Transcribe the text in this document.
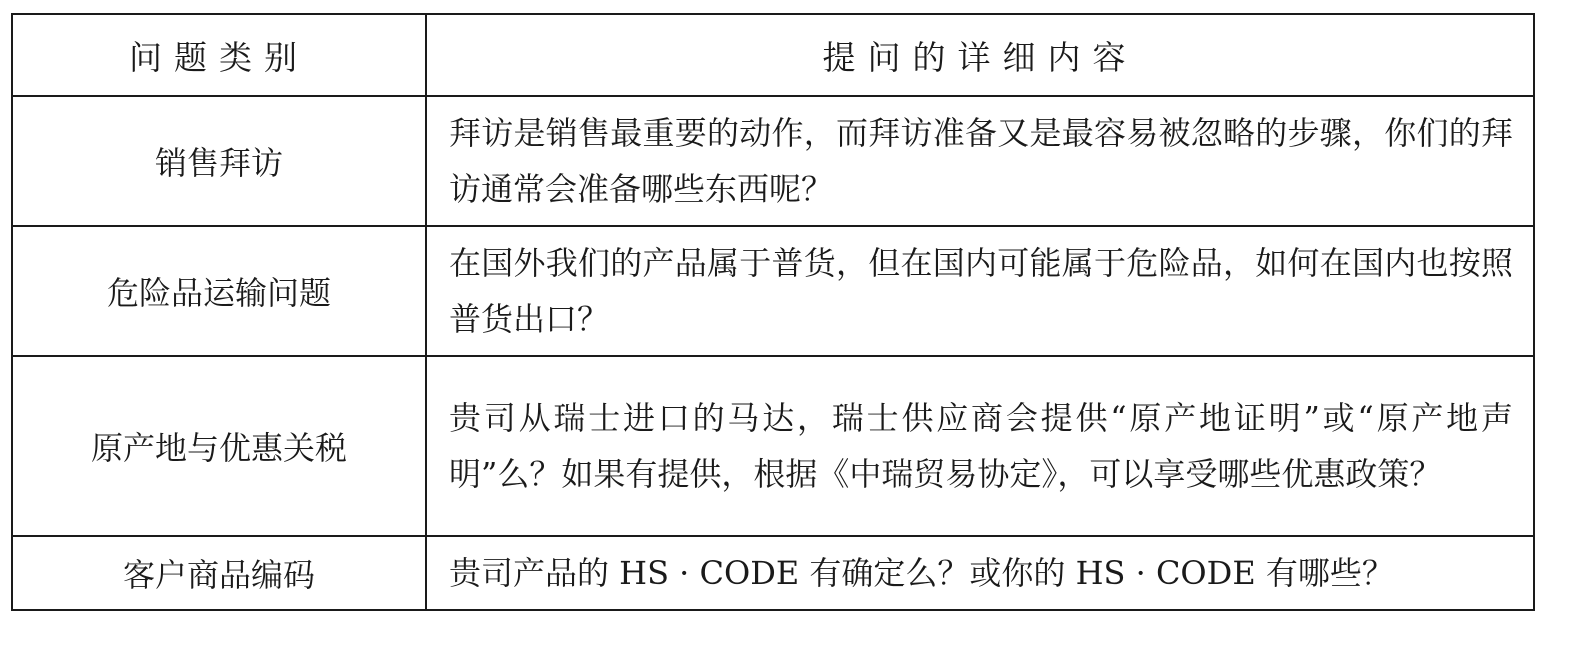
问题类别	提问的详细内容
销售拜访	拜访是销售最重要的动作，而拜访准备又是最容易被忽略的步骤，你们的拜访通常会准备哪些东西呢？
危险品运输问题	在国外我们的产品属于普货，但在国内可能属于危险品，如何在国内也按照普货出口？
原产地与优惠关税	贵司从瑞士进口的马达，瑞士供应商会提供“原产地证明”或“原产地声明”么？如果有提供，根据《中瑞贸易协定》，可以享受哪些优惠政策？
客户商品编码	贵司产品的 HS · CODE 有确定么？或你的 HS · CODE 有哪些？
